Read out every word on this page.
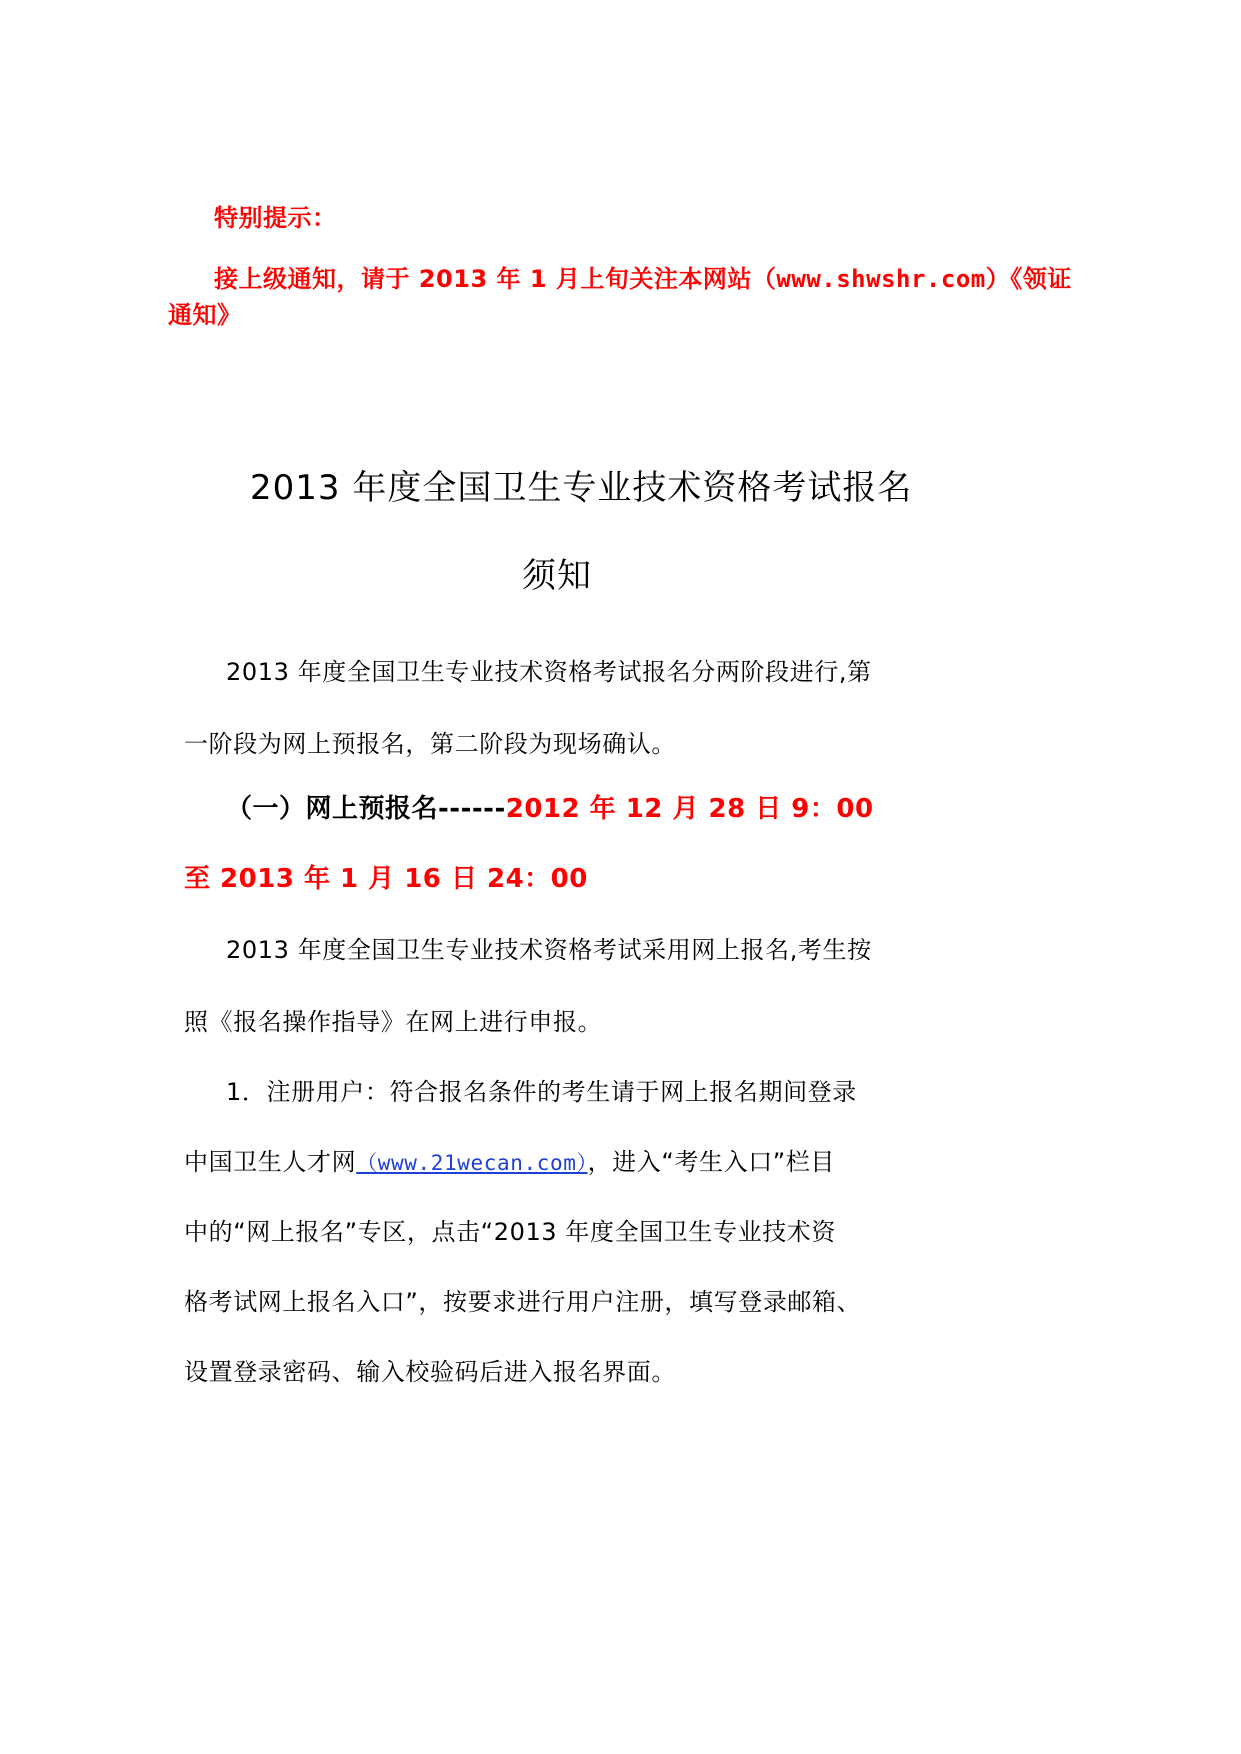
特别提示：

接上级通知，请于 2013 年 1 月上旬关注本网站（www.shwshr.com）《领证

通知》

2013 年度全国卫生专业技术资格考试报名
须知

2013 年度全国卫生专业技术资格考试报名分两阶段进行,第

一阶段为网上预报名，第二阶段为现场确认。

（一）网上预报名------2012 年 12 月 28 日 9：00

至 2013 年 1 月 16 日 24：00

2013 年度全国卫生专业技术资格考试采用网上报名,考生按

照《报名操作指导》在网上进行申报。

1．注册用户：符合报名条件的考生请于网上报名期间登录

中国卫生人才网（www.21wecan.com），进入“考生入口”栏目

中的“网上报名”专区，点击“2013 年度全国卫生专业技术资

格考试网上报名入口”，按要求进行用户注册，填写登录邮箱、

设置登录密码、输入校验码后进入报名界面。
